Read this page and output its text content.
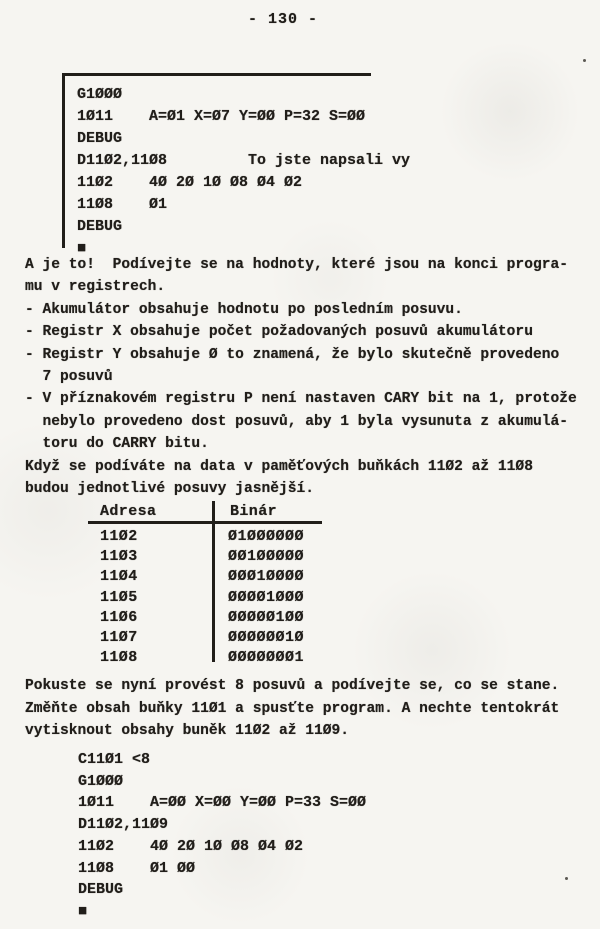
- 130 -
G1ØØØ
1Ø11    A=Ø1 X=Ø7 Y=ØØ P=32 S=ØØ
DEBUG
D11Ø2,11Ø8         To jste napsali vy
11Ø2    4Ø 2Ø 1Ø Ø8 Ø4 Ø2
11Ø8    Ø1
DEBUG
■
A je to!  Podívejte se na hodnoty, které jsou na konci progra-
mu v registrech.
- Akumulátor obsahuje hodnotu po posledním posuvu.
- Registr X obsahuje počet požadovaných posuvů akumulátoru
- Registr Y obsahuje Ø to znamená, že bylo skutečně provedeno
7 posuvů
- V příznakovém registru P není nastaven CARY bit na 1, protože
nebylo provedeno dost posuvů, aby 1 byla vysunuta z akumulá-
toru do CARRY bitu.
Když se podíváte na data v paměťových buňkách 11Ø2 až 11Ø8
budou jednotlivé posuvy jasnější.
Adresa	Binár
11Ø2	Ø1ØØØØØØ
11Ø3	ØØ1ØØØØØ
11Ø4	ØØØ1ØØØØ
11Ø5	ØØØØ1ØØØ
11Ø6	ØØØØØ1ØØ
11Ø7	ØØØØØØ1Ø
11Ø8	ØØØØØØØ1
Pokuste se nyní provést 8 posuvů a podívejte se, co se stane.
Změňte obsah buňky 11Ø1 a spusťte program. A nechte tentokrát
vytisknout obsahy buněk 11Ø2 až 11Ø9.
C11Ø1 <8
G1ØØØ
1Ø11    A=ØØ X=ØØ Y=ØØ P=33 S=ØØ
D11Ø2,11Ø9
11Ø2    4Ø 2Ø 1Ø Ø8 Ø4 Ø2
11Ø8    Ø1 ØØ
DEBUG
■
